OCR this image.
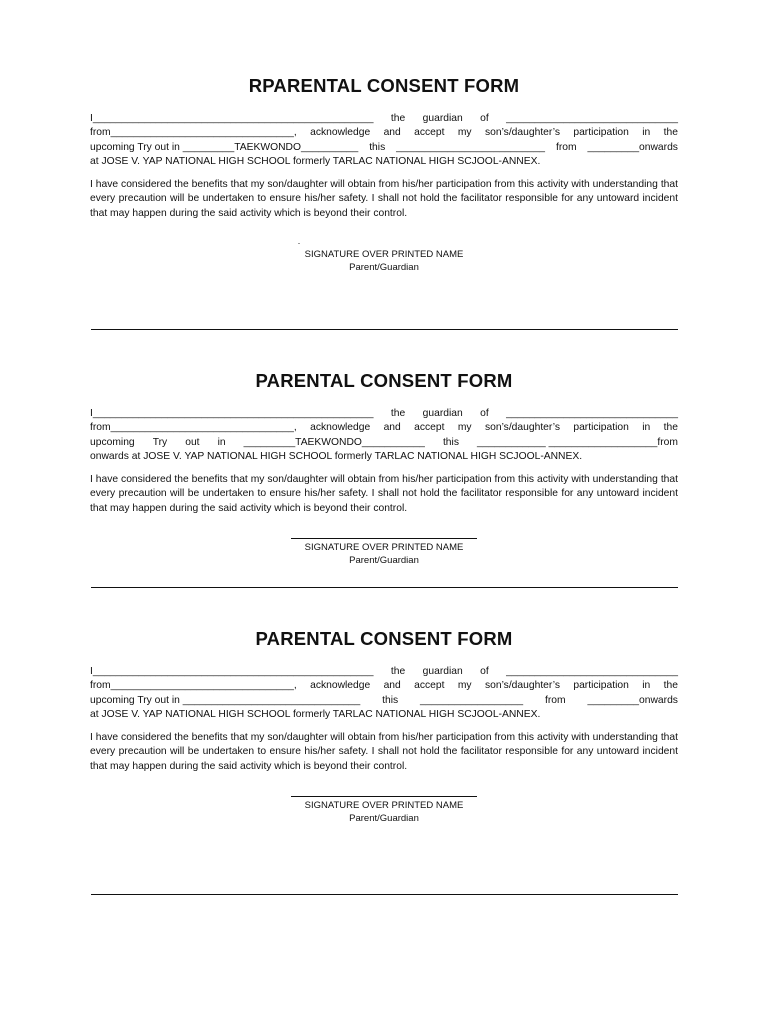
RPARENTAL CONSENT FORM
I_________________________________________________ the guardian of ______________________________
from________________________________, acknowledge and accept my son’s/daughter’s participation in the
upcoming Try out in _________TAEKWONDO__________ this __________________________ from _________onwards
at JOSE V. YAP NATIONAL HIGH SCHOOL formerly TARLAC NATIONAL HIGH SCJOOL-ANNEX.

I have considered the benefits that my son/daughter will obtain from his/her participation from this activity with understanding that every precaution will be undertaken to ensure his/her safety. I shall not hold the facilitator responsible for any untoward incident that may happen during the said activity which is beyond their control.

.
SIGNATURE OVER PRINTED NAME
Parent/Guardian
PARENTAL CONSENT FORM
I_________________________________________________ the guardian of ______________________________
from________________________________, acknowledge and accept my son’s/daughter’s participation in the
upcoming Try out in _________TAEKWONDO___________ this ____________ ___________________from
onwards at JOSE V. YAP NATIONAL HIGH SCHOOL formerly TARLAC NATIONAL HIGH SCJOOL-ANNEX.

I have considered the benefits that my son/daughter will obtain from his/her participation from this activity with understanding that every precaution will be undertaken to ensure his/her safety. I shall not hold the facilitator responsible for any untoward incident that may happen during the said activity which is beyond their control.

SIGNATURE OVER PRINTED NAME
Parent/Guardian
PARENTAL CONSENT FORM
I_________________________________________________ the guardian of ______________________________
from________________________________, acknowledge and accept my son’s/daughter’s participation in the
upcoming Try out in _______________________________ this __________________ from _________onwards
at JOSE V. YAP NATIONAL HIGH SCHOOL formerly TARLAC NATIONAL HIGH SCJOOL-ANNEX.

I have considered the benefits that my son/daughter will obtain from his/her participation from this activity with understanding that every precaution will be undertaken to ensure his/her safety. I shall not hold the facilitator responsible for any untoward incident that may happen during the said activity which is beyond their control.

SIGNATURE OVER PRINTED NAME
Parent/Guardian
